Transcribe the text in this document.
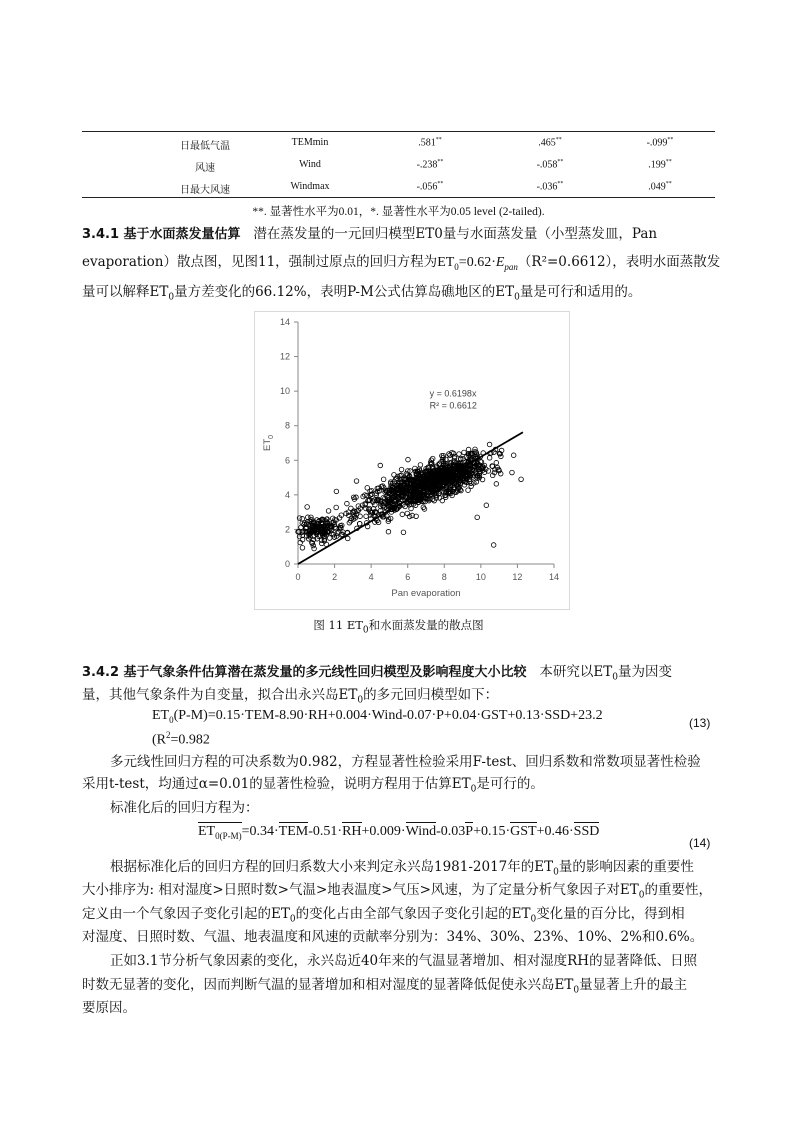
日最低气温	TEMmin	.581**	.465**	-.099**
风速	Wind	-.238**	-.058**	.199**
日最大风速	Windmax	-.056**	-.036**	.049**
**. 显著性水平为0.01，*. 显著性水平为0.05 level (2-tailed).
3.4.1 基于水面蒸发量估算 潜在蒸发量的一元回归模型ET0量与水面蒸发量（小型蒸发皿，Pan
evaporation）散点图，见图11，强制过原点的回归方程为$ET_0=0.62\cdot E_{pan}(R^2=0.6612)$，表明水面蒸散发
量可以解释$ET_0$量方差变化的66.12%，表明P-M公式估算岛礁地区的$ET_0$量是可行和适用的。
0	2	4	6	8	10	12	14
0
2
4
6
8
10
12
14
Pan evaporation
$ET_0$
y = 0.6198x
R² = 0.6612
图 11 $ET_0$和水面蒸发量的散点图
3.4.2 基于气象条件估算潜在蒸发量的多元线性回归模型及影响程度大小比较 本研究以$ET_0$量为因变
量，其他气象条件为自变量，拟合出永兴岛$ET_0$的多元回归模型如下：
$ET_0(P-M)=0.15\cdot TEM-8.90\cdot RH+0.004\cdot Wind-0.07\cdot P+0.04\cdot GST+0.13\cdot SSD+23.2$	(13)
($R^2=0.982$
多元线性回归方程的可决系数为0.982，方程显著性检验采用F-test、回归系数和常数项显著性检验
采用t-test，均通过α=0.01的显著性检验，说明方程用于估算$ET_0$是可行的。
标准化后的回归方程为：
$ET_{0(P-M)}=0.34\cdot TEM-0.51\cdot RH+0.009\cdot Wind-0.03P+0.15\cdot GST+0.46\cdot SSD$
(14)
根据标准化后的回归方程的回归系数大小来判定永兴岛1981-2017年的$ET_0$量的影响因素的重要性
大小排序为: 相对湿度>日照时数>气温>地表温度>气压>风速，为了定量分析气象因子对$ET_0$的重要性，
定义由一个气象因子变化引起的$ET_0$的变化占由全部气象因子变化引起的$ET_0$变化量的百分比，得到相
对湿度、日照时数、气温、地表温度和风速的贡献率分别为：34%、30%、23%、10%、2%和0.6%。
正如3.1节分析气象因素的变化，永兴岛近40年来的气温显著增加、相对湿度RH的显著降低、日照
时数无显著的变化，因而判断气温的显著增加和相对湿度的显著降低促使永兴岛$ET_0$量显著上升的最主
要原因。
